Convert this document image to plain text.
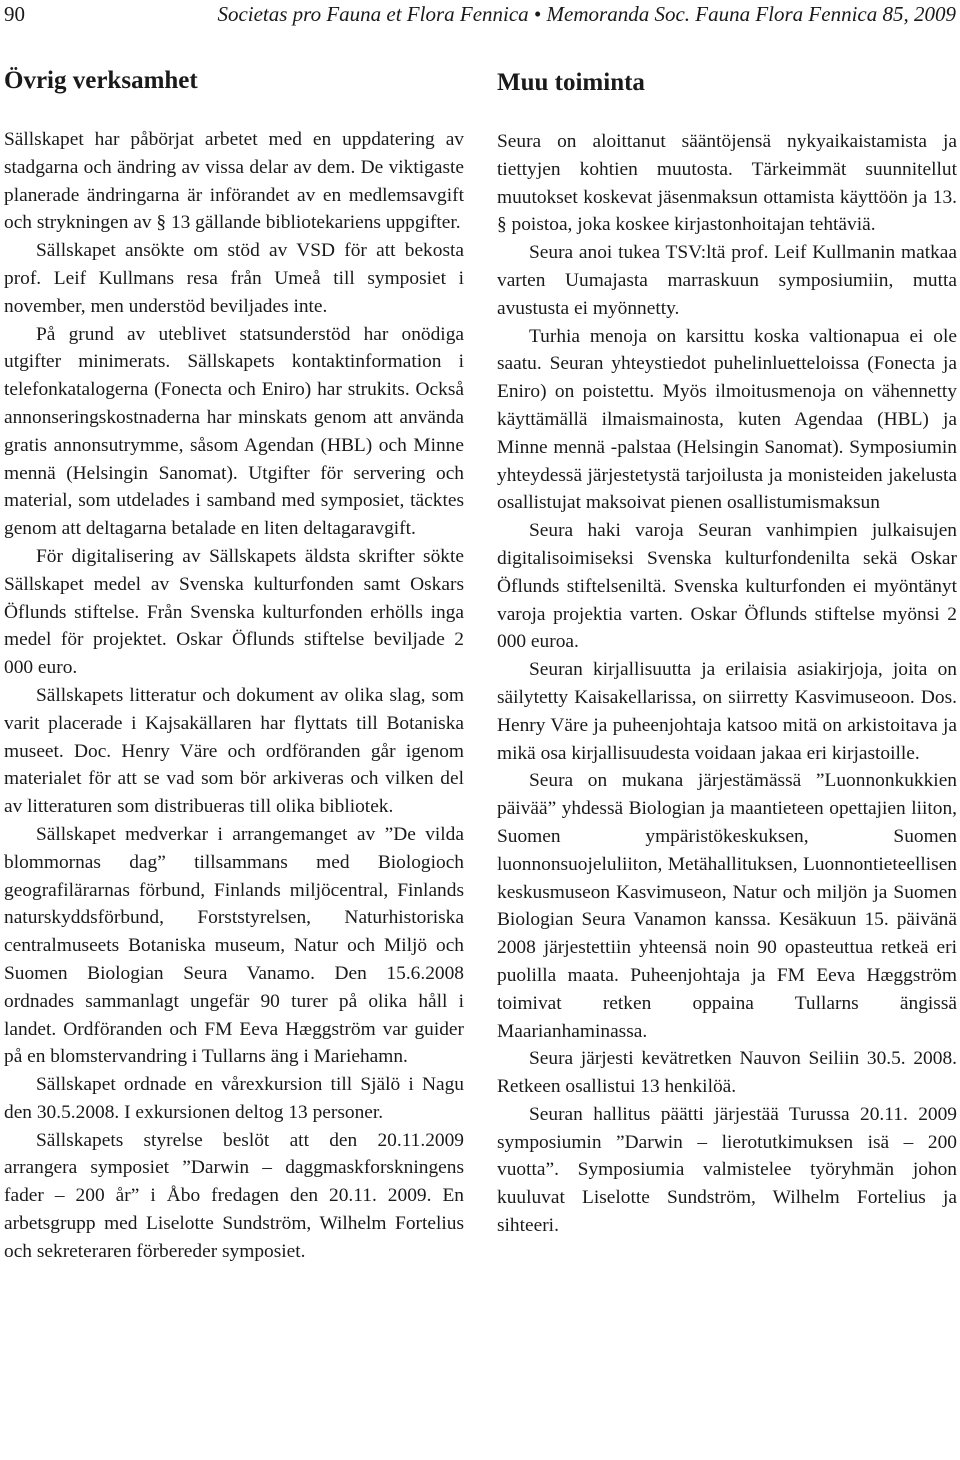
90	Societas pro Fauna et Flora Fennica • Memoranda Soc. Fauna Flora Fennica 85, 2009
Övrig verksamhet

Sällskapet har påbörjat arbetet med en uppdatering av stadgarna och ändring av vissa delar av dem. De viktigaste planerade ändringarna är införandet av en medlemsavgift och strykningen av § 13 gällande bibliotekariens uppgifter.

Sällskapet ansökte om stöd av VSD för att bekosta prof. Leif Kullmans resa från Umeå till symposiet i november, men understöd beviljades inte.

På grund av uteblivet statsunderstöd har onödiga utgifter minimerats. Sällskapets kontaktinformation i telefonkatalogerna (Fonecta och Eniro) har strukits. Också annonseringskostnaderna har minskats genom att använda gratis annonsutrymme, såsom Agendan (HBL) och Minne mennä (Helsingin Sanomat). Utgifter för servering och material, som utdelades i samband med symposiet, täcktes genom att deltagarna betalade en liten deltagaravgift.

För digitalisering av Sällskapets äldsta skrifter sökte Sällskapet medel av Svenska kulturfonden samt Oskars Öflunds stiftelse. Från Svenska kulturfonden erhölls inga medel för projektet. Oskar Öflunds stiftelse beviljade 2 000 euro.

Sällskapets litteratur och dokument av olika slag, som varit placerade i Kajsakällaren har flyttats till Botaniska museet. Doc. Henry Väre och ordföranden går igenom materialet för att se vad som bör arkiveras och vilken del av litteraturen som distribueras till olika bibliotek.

Sällskapet medverkar i arrangemanget av ”De vilda blommornas dag” tillsammans med Biologioch geografilärarnas förbund, Finlands miljöcentral, Finlands naturskyddsförbund, Forststyrelsen, Naturhistoriska centralmuseets Botaniska museum, Natur och Miljö och Suomen Biologian Seura Vanamo. Den 15.6.2008 ordnades sammanlagt ungefär 90 turer på olika håll i landet. Ordföranden och FM Eeva Hæggström var guider på en blomstervandring i Tullarns äng i Mariehamn.

Sällskapet ordnade en vårexkursion till Själö i Nagu den 30.5.2008. I exkursionen deltog 13 personer.

Sällskapets styrelse beslöt att den 20.11.2009 arrangera symposiet ”Darwin – daggmaskforskningens fader – 200 år” i Åbo fredagen den 20.11. 2009. En arbetsgrupp med Liselotte Sundström, Wilhelm Fortelius och sekreteraren förbereder symposiet.

Muu toiminta

Seura on aloittanut sääntöjensä nykyaikaistamista ja tiettyjen kohtien muutosta. Tärkeimmät suunnitellut muutokset koskevat jäsenmaksun ottamista käyttöön ja 13. § poistoa, joka koskee kirjastonhoitajan tehtäviä.

Seura anoi tukea TSV:ltä prof. Leif Kullmanin matkaa varten Uumajasta marraskuun symposiumiin, mutta avustusta ei myönnetty.

Turhia menoja on karsittu koska valtionapua ei ole saatu. Seuran yhteystiedot puhelinluetteloissa (Fonecta ja Eniro) on poistettu. Myös ilmoitusmenoja on vähennetty käyttämällä ilmaismainosta, kuten Agendaa (HBL) ja Minne mennä -palstaa (Helsingin Sanomat). Symposiumin yhteydessä järjestetystä tarjoilusta ja monisteiden jakelusta osallistujat maksoivat pienen osallistumismaksun

Seura haki varoja Seuran vanhimpien julkaisujen digitalisoimiseksi Svenska kulturfondenilta sekä Oskar Öflunds stiftelseniltä. Svenska kulturfonden ei myöntänyt varoja projektia varten. Oskar Öflunds stiftelse myönsi 2 000 euroa.

Seuran kirjallisuutta ja erilaisia asiakirjoja, joita on säilytetty Kaisakellarissa, on siirretty Kasvimuseoon. Dos. Henry Väre ja puheenjohtaja katsoo mitä on arkistoitava ja mikä osa kirjallisuudesta voidaan jakaa eri kirjastoille.

Seura on mukana järjestämässä ”Luonnonkukkien päivää” yhdessä Biologian ja maantieteen opettajien liiton, Suomen ympäristökeskuksen, Suomen luonnonsuojeluliiton, Metähallituksen, Luonnontieteellisen keskusmuseon Kasvimuseon, Natur och miljön ja Suomen Biologian Seura Vanamon kanssa. Kesäkuun 15. päivänä 2008 järjestettiin yhteensä noin 90 opasteuttua retkeä eri puolilla maata. Puheenjohtaja ja FM Eeva Hæggström toimivat retken oppaina Tullarns ängissä Maarianhaminassa.

Seura järjesti kevätretken Nauvon Seiliin 30.5. 2008. Retkeen osallistui 13 henkilöä.

Seuran hallitus päätti järjestää Turussa 20.11. 2009 symposiumin ”Darwin – lierotutkimuksen isä – 200 vuotta”. Symposiumia valmistelee työryhmän johon kuuluvat Liselotte Sundström, Wilhelm Fortelius ja sihteeri.
